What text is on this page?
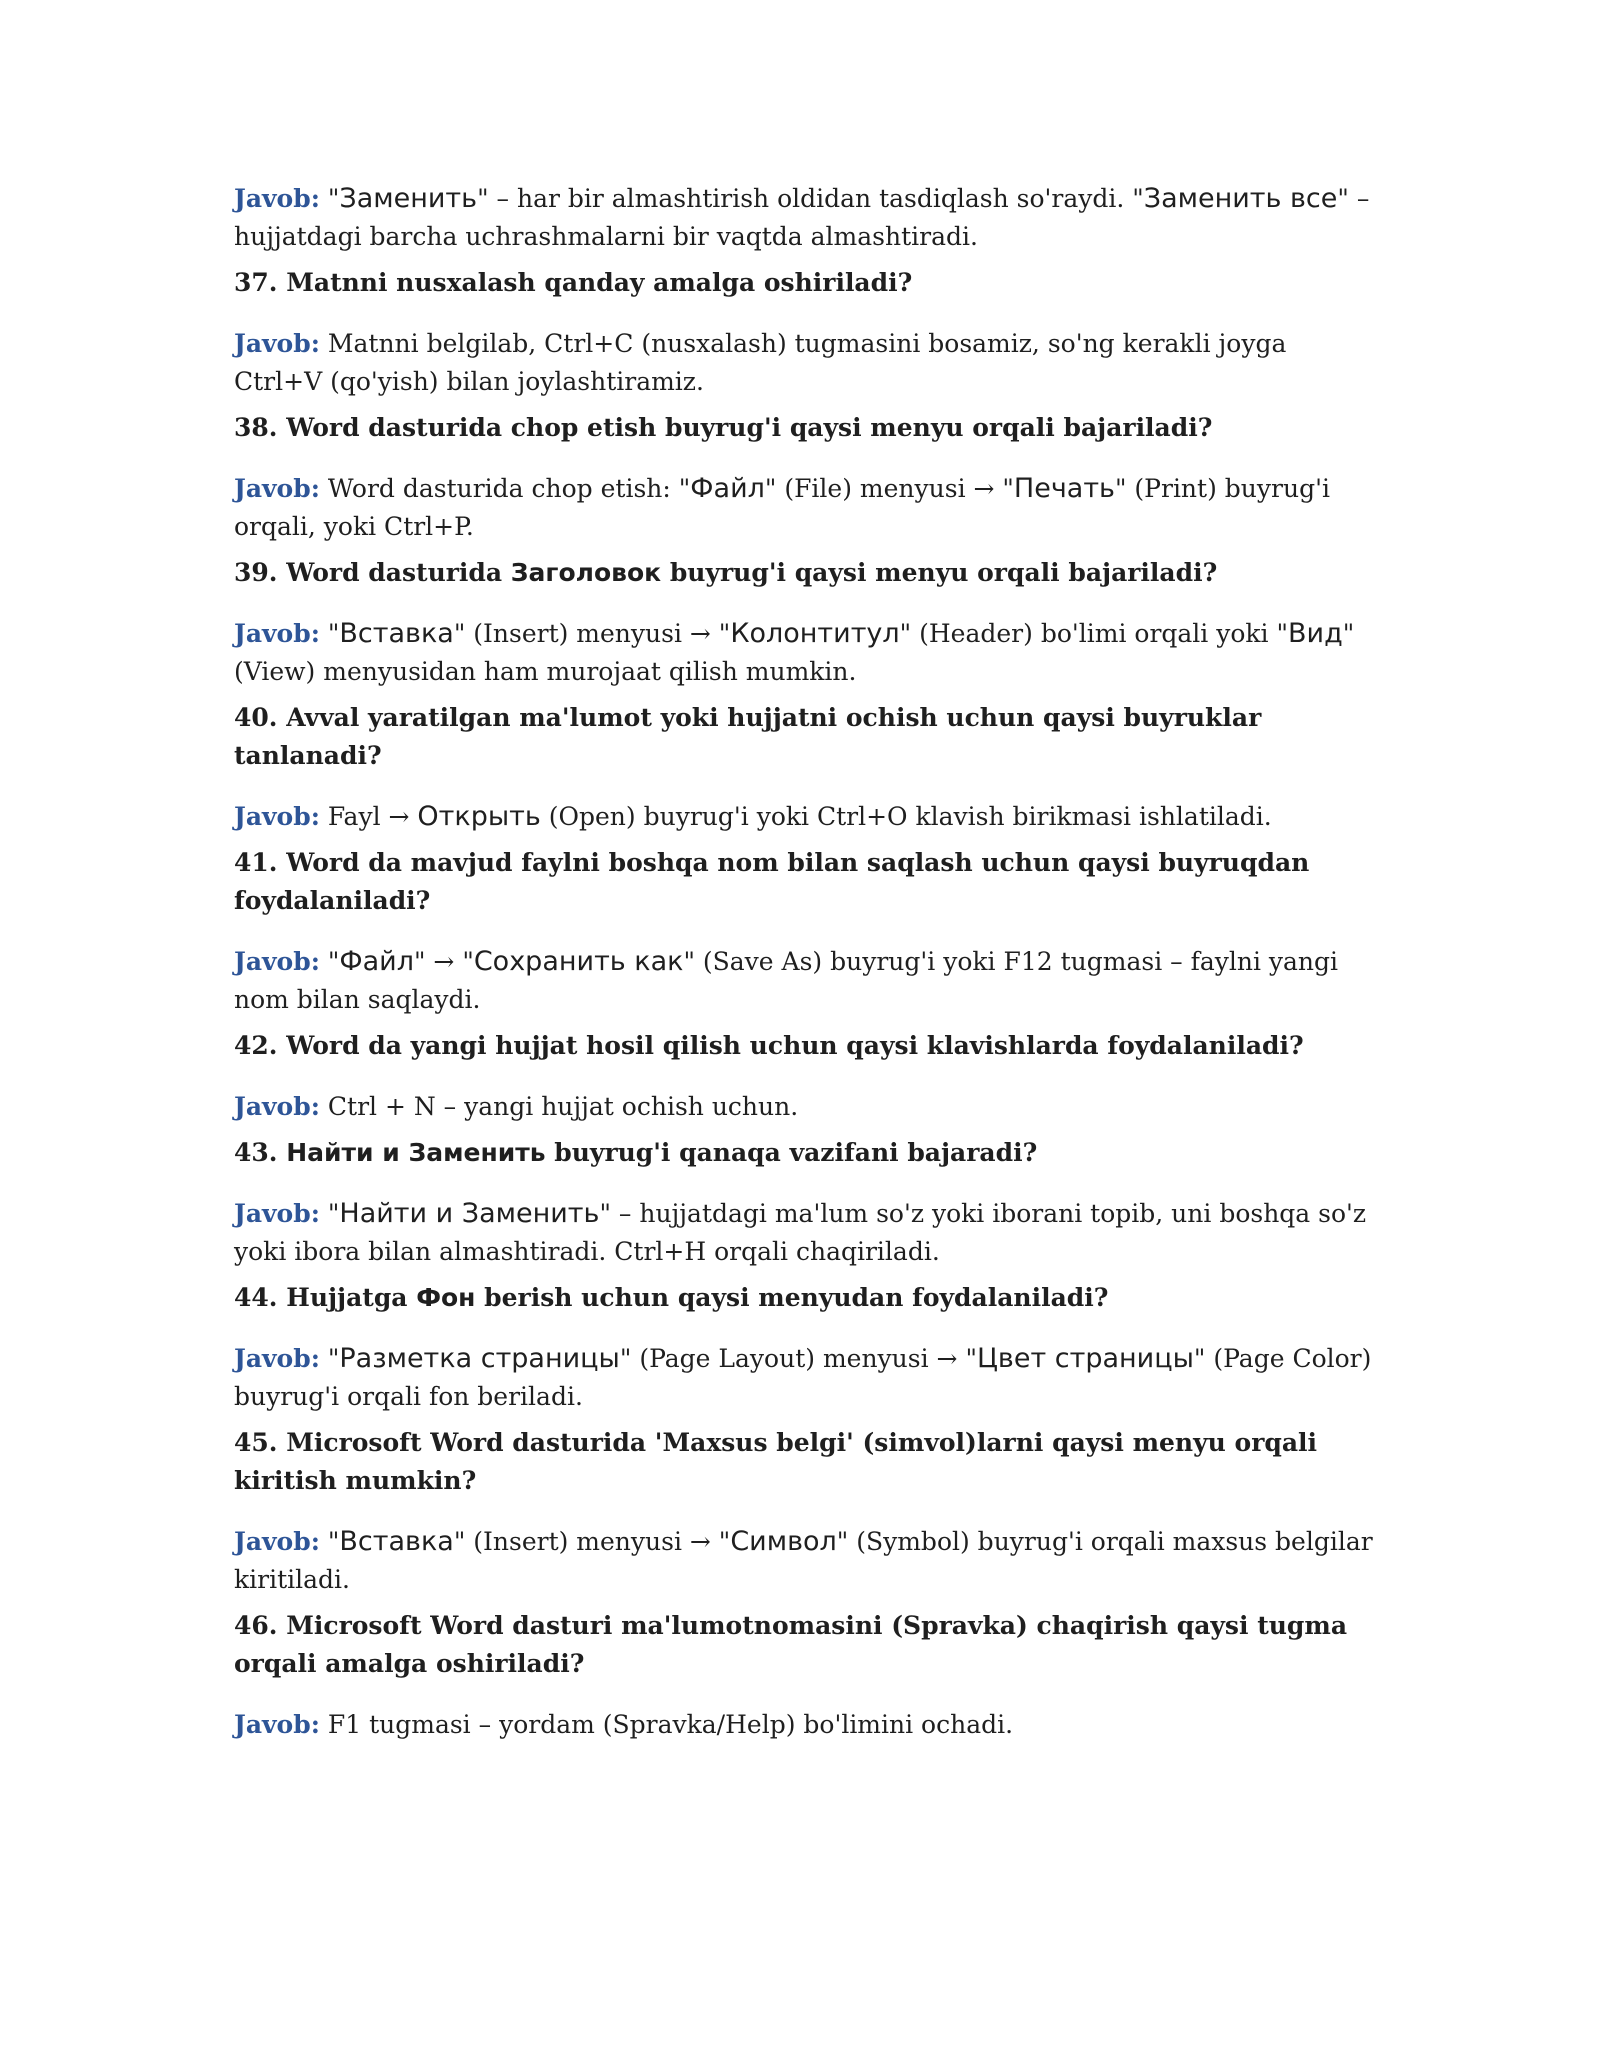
Javob: "Заменить" – har bir almashtirish oldidan tasdiqlash so'raydi. "Заменить все" – hujjatdagi barcha uchrashmalarni bir vaqtda almashtiradi.

37. Matnni nusxalash qanday amalga oshiriladi?

Javob: Matnni belgilab, Ctrl+C (nusxalash) tugmasini bosamiz, so'ng kerakli joyga Ctrl+V (qo'yish) bilan joylashtiramiz.

38. Word dasturida chop etish buyrug'i qaysi menyu orqali bajariladi?

Javob: Word dasturida chop etish: "Файл" (File) menyusi → "Печать" (Print) buyrug'i orqali, yoki Ctrl+P.

39. Word dasturida Заголовок buyrug'i qaysi menyu orqali bajariladi?

Javob: "Вставка" (Insert) menyusi → "Колонтитул" (Header) bo'limi orqali yoki "Вид" (View) menyusidan ham murojaat qilish mumkin.

40. Avval yaratilgan ma'lumot yoki hujjatni ochish uchun qaysi buyruklar tanlanadi?

Javob: Fayl → Открыть (Open) buyrug'i yoki Ctrl+O klavish birikmasi ishlatiladi.

41. Word da mavjud faylni boshqa nom bilan saqlash uchun qaysi buyruqdan foydalaniladi?

Javob: "Файл" → "Сохранить как" (Save As) buyrug'i yoki F12 tugmasi – faylni yangi nom bilan saqlaydi.

42. Word da yangi hujjat hosil qilish uchun qaysi klavishlarda foydalaniladi?

Javob: Ctrl + N – yangi hujjat ochish uchun.

43. Найти и Заменить buyrug'i qanaqa vazifani bajaradi?

Javob: "Найти и Заменить" – hujjatdagi ma'lum so'z yoki iborani topib, uni boshqa so'z yoki ibora bilan almashtiradi. Ctrl+H orqali chaqiriladi.

44. Hujjatga Фон berish uchun qaysi menyudan foydalaniladi?

Javob: "Разметка страницы" (Page Layout) menyusi → "Цвет страницы" (Page Color) buyrug'i orqali fon beriladi.

45. Microsoft Word dasturida 'Maxsus belgi' (simvol)larni qaysi menyu orqali kiritish mumkin?

Javob: "Вставка" (Insert) menyusi → "Символ" (Symbol) buyrug'i orqali maxsus belgilar kiritiladi.

46. Microsoft Word dasturi ma'lumotnomasini (Spravka) chaqirish qaysi tugma orqali amalga oshiriladi?

Javob: F1 tugmasi – yordam (Spravka/Help) bo'limini ochadi.
